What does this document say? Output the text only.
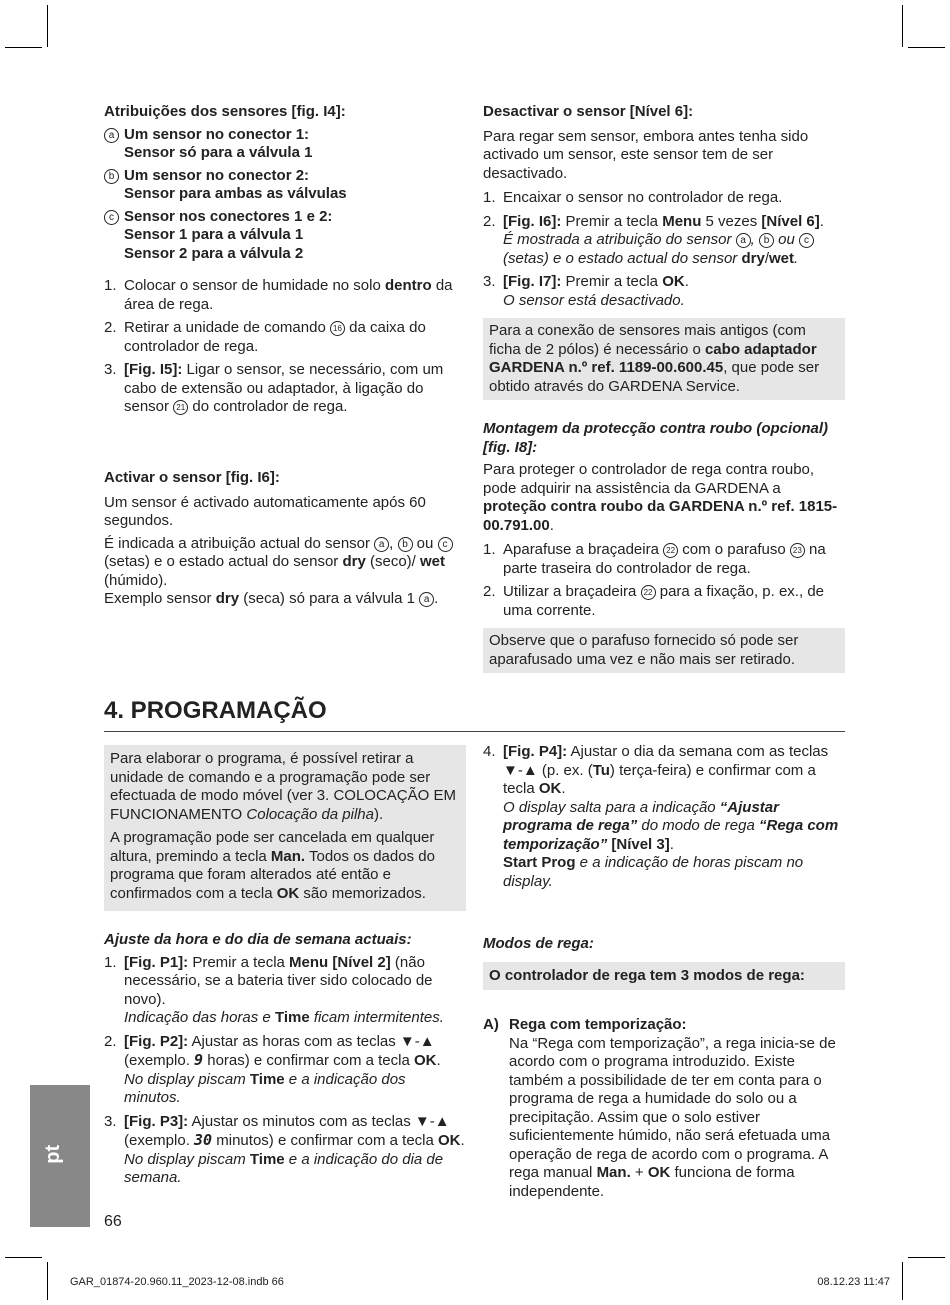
Atribuições dos sensores [fig. I4]:
a Um sensor no conector 1:
Sensor só para a válvula 1
b Um sensor no conector 2:
Sensor para ambas as válvulas
c Sensor nos conectores 1 e 2:
Sensor 1 para a válvula 1
Sensor 2 para a válvula 2
1. Colocar o sensor de humidade no solo dentro da área de rega.
2. Retirar a unidade de comando 16 da caixa do controlador de rega.
3. [Fig. I5]: Ligar o sensor, se necessário, com um cabo de extensão ou adaptador, à ligação do sensor 21 do controlador de rega.
Activar o sensor [fig. I6]:

Um sensor é activado automaticamente após 60 segundos.

É indicada a atribuição actual do sensor a , b ou c (setas) e o estado actual do sensor dry (seco)/ wet (húmido).

Exemplo sensor dry (seca) só para a válvula 1 a .

Desactivar o sensor [Nível 6]:

Para regar sem sensor, embora antes tenha sido activado um sensor, este sensor tem de ser desactivado.

1. Encaixar o sensor no controlador de rega.
2. [Fig. I6]: Premir a tecla Menu 5 vezes [Nível 6].
É mostrada a atribuição do sensor a , b ou c (setas) e o estado actual do sensor dry/wet.
3. [Fig. I7]: Premir a tecla OK.
O sensor está desactivado.
Para a conexão de sensores mais antigos (com ficha de 2 pólos) é necessário o cabo adaptador GARDENA n.º ref. 1189-00.600.45, que pode ser obtido através do GARDENA Service.
Montagem da protecção contra roubo (opcional) [fig. I8]:

Para proteger o controlador de rega contra roubo, pode adquirir na assistência da GARDENA a proteção contra roubo da GARDENA n.º ref. 1815-00.791.00.

1. Aparafuse a braçadeira 22 com o parafuso 23 na parte traseira do controlador de rega.
2. Utilizar a braçadeira 22 para a fixação, p. ex., de uma corrente.
Observe que o parafuso fornecido só pode ser aparafusado uma vez e não mais ser retirado.
4. PROGRAMAÇÃO

Para elaborar o programa, é possível retirar a unidade de comando e a programação pode ser efectuada de modo móvel (ver 3. COLOCAÇÃO EM FUNCIONAMENTO Colocação da pilha).

A programação pode ser cancelada em qualquer altura, premindo a tecla Man. Todos os dados do programa que foram alterados até então e confirmados com a tecla OK são memorizados.

Ajuste da hora e do dia de semana actuais:
1. [Fig. P1]: Premir a tecla Menu [Nível 2] (não necessário, se a bateria tiver sido colocado de novo).
Indicação das horas e Time ficam intermitentes.
2. [Fig. P2]: Ajustar as horas com as teclas ▼-▲ (exemplo. 9 horas) e confirmar com a tecla OK.
No display piscam Time e a indicação dos minutos.
3. [Fig. P3]: Ajustar os minutos com as teclas ▼-▲ (exemplo. 30 minutos) e confirmar com a tecla OK.
No display piscam Time e a indicação do dia de semana.
4. [Fig. P4]: Ajustar o dia da semana com as teclas ▼-▲ (p. ex. (Tu) terça-feira) e confirmar com a tecla OK.
O display salta para a indicação “Ajustar programa de rega” do modo de rega “Rega com temporização” [Nível 3].
Start Prog e a indicação de horas piscam no display.
Modos de rega:
O controlador de rega tem 3 modos de rega:
A) Rega com temporização:
Na “Rega com temporização”, a rega inicia-se de acordo com o programa introduzido. Existe também a possibilidade de ter em conta para o programa de rega a humidade do solo ou a precipitação. Assim que o solo estiver suficientemente húmido, não será efetuada uma operação de rega de acordo com o programa. A rega manual Man. + OK funciona de forma independente.
pt
66
GAR_01874-20.960.11_2023-12-08.indb 66	08.12.23 11:47
